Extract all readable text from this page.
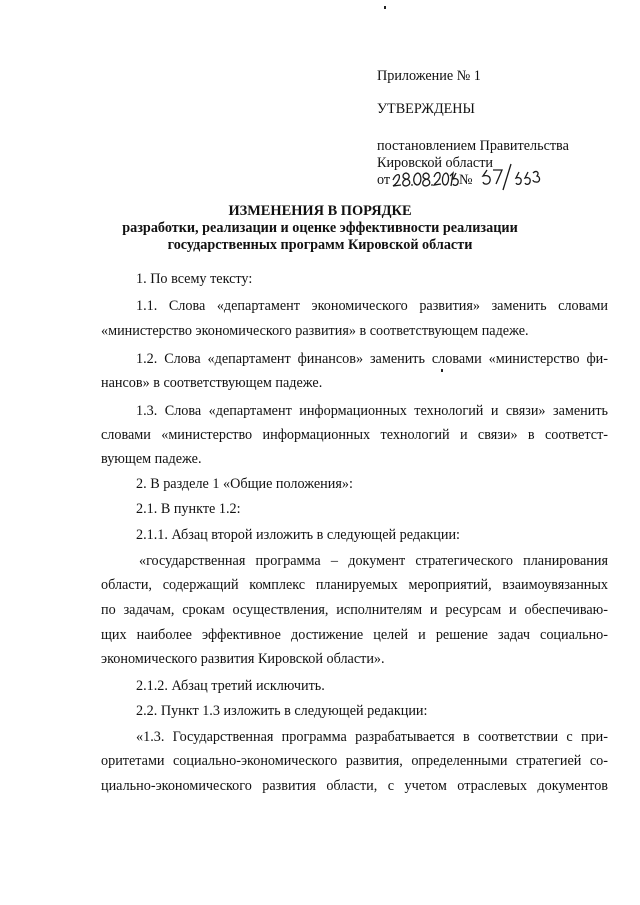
Приложение № 1
УТВЕРЖДЕНЫ
постановлением Правительства
Кировской области
от	№
ИЗМЕНЕНИЯ В ПОРЯДКЕ
разработки, реализации и оценке эффективности реализации
государственных программ Кировской области
1. По всему тексту:
1.1. Слова «департамент экономического развития» заменить словами
«министерство экономического развития» в соответствующем падеже.
1.2. Слова «департамент финансов» заменить словами «министерство фи-
нансов» в соответствующем падеже.
1.3. Слова «департамент информационных технологий и связи» заменить
словами «министерство информационных технологий и связи» в соответст-
вующем падеже.
2. В разделе 1 «Общие положения»:
2.1. В пункте 1.2:
2.1.1. Абзац второй изложить в следующей редакции:
«государственная программа – документ стратегического планирования
области, содержащий комплекс планируемых мероприятий, взаимоувязанных
по задачам, срокам осуществления, исполнителям и ресурсам и обеспечиваю-
щих наиболее эффективное достижение целей и решение задач социально-
экономического развития Кировской области».
2.1.2. Абзац третий исключить.
2.2. Пункт 1.3 изложить в следующей редакции:
«1.3. Государственная программа разрабатывается в соответствии с при-
оритетами социально-экономического развития, определенными стратегией со-
циально-экономического развития области, с учетом отраслевых документов
